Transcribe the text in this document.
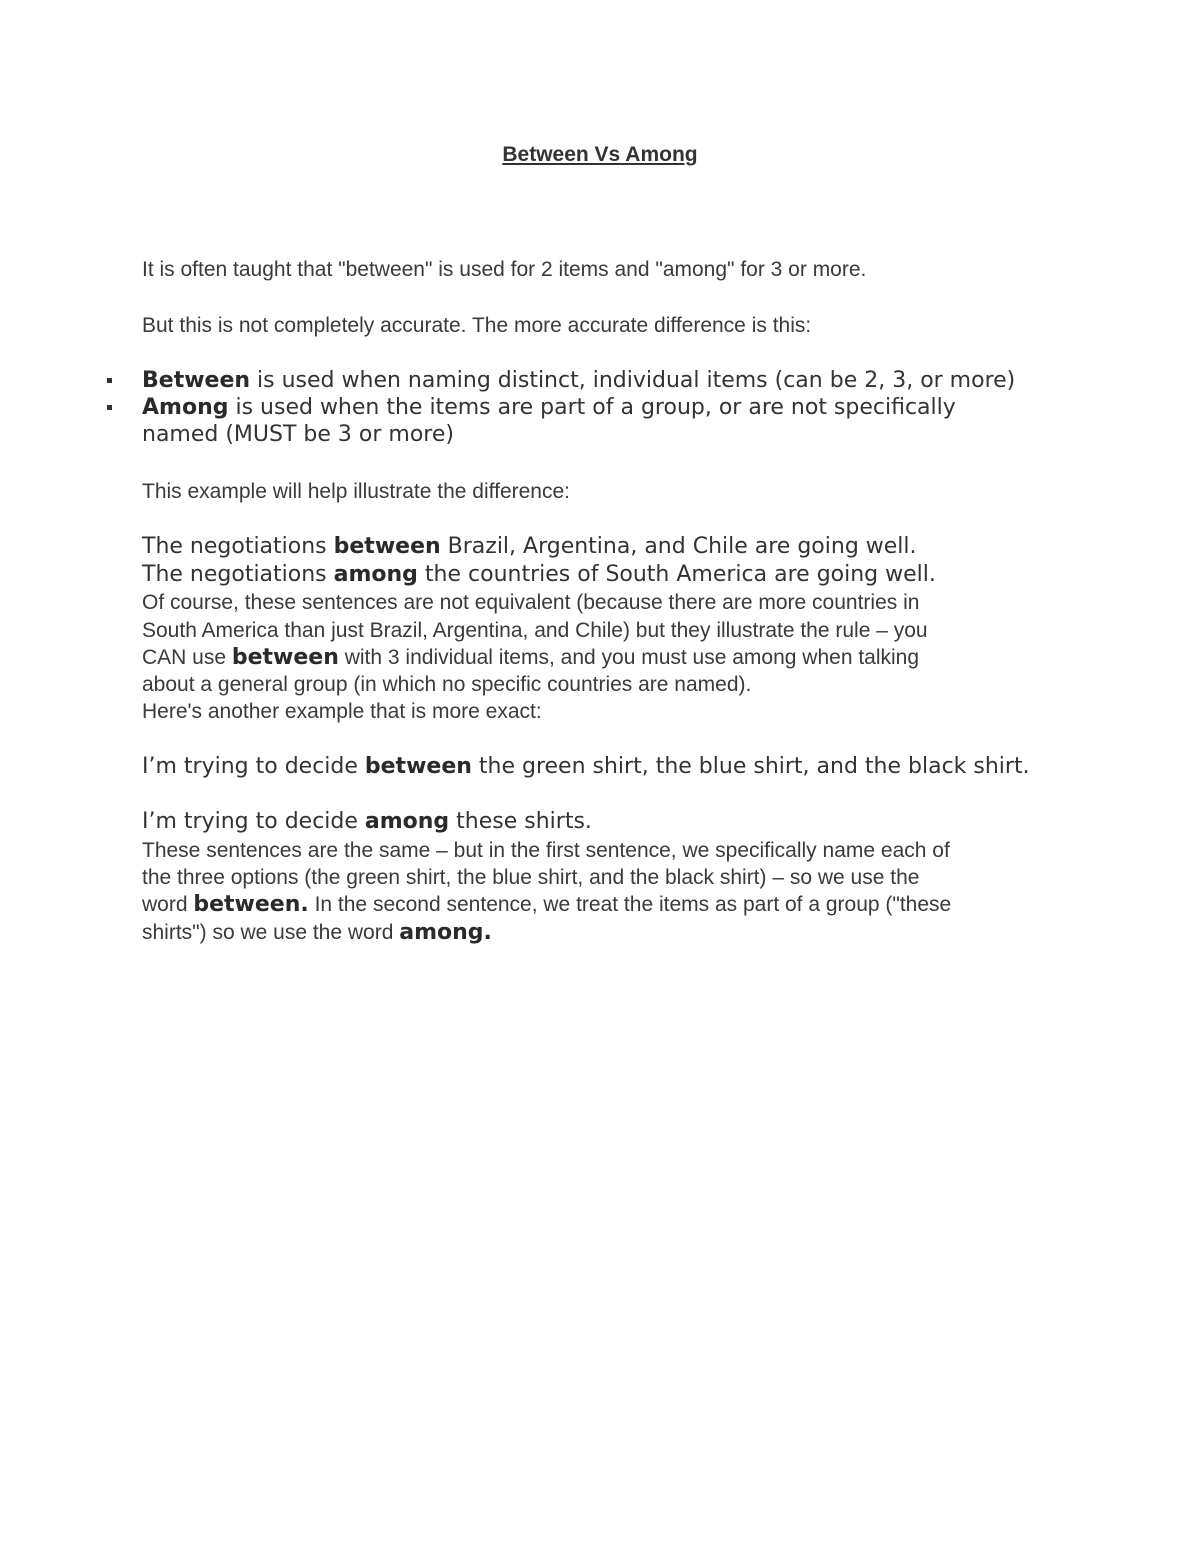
Between Vs Among

It is often taught that "between" is used for 2 items and "among" for 3 or more.

But this is not completely accurate. The more accurate difference is this:

Between is used when naming distinct, individual items (can be 2, 3, or more)
Among is used when the items are part of a group, or are not specifically named (MUST be 3 or more)

This example will help illustrate the difference:

The negotiations between Brazil, Argentina, and Chile are going well.

The negotiations among the countries of South America are going well.

Of course, these sentences are not equivalent (because there are more countries in

South America than just Brazil, Argentina, and Chile) but they illustrate the rule – you

CAN use between with 3 individual items, and you must use among when talking

about a general group (in which no specific countries are named).

Here's another example that is more exact:

I’m trying to decide between the green shirt, the blue shirt, and the black shirt.

I’m trying to decide among these shirts.

These sentences are the same – but in the first sentence, we specifically name each of

the three options (the green shirt, the blue shirt, and the black shirt) – so we use the

word between. In the second sentence, we treat the items as part of a group ("these

shirts") so we use the word among.
